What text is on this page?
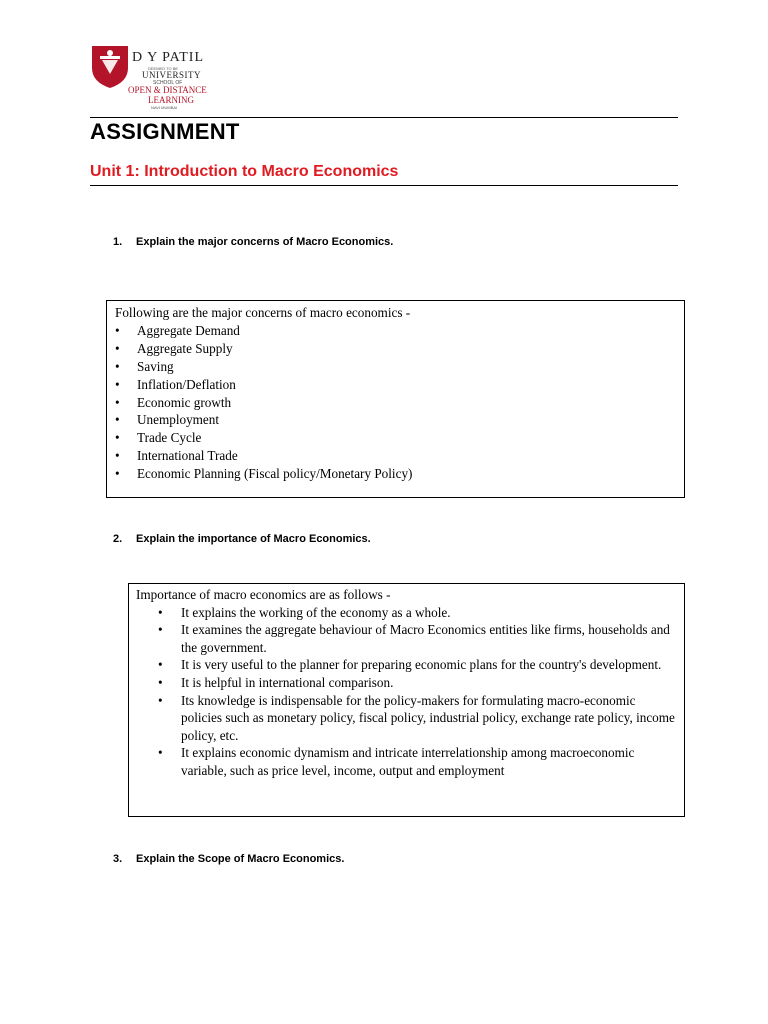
D Y PATIL
DEEMED TO BE
UNIVERSITY
SCHOOL OF
OPEN & DISTANCE
LEARNING
NAVI MUMBAI
ASSIGNMENT
Unit 1: Introduction to Macro Economics
1. Explain the major concerns of Macro Economics.

Following are the major concerns of macro economics -

• Aggregate Demand
• Aggregate Supply
• Saving
• Inflation/Deflation
• Economic growth
• Unemployment
• Trade Cycle
• International Trade
• Economic Planning (Fiscal policy/Monetary Policy)
2. Explain the importance of Macro Economics.

Importance of macro economics are as follows -

• It explains the working of the economy as a whole.
• It examines the aggregate behaviour of Macro Economics entities like firms, households and the government.
• It is very useful to the planner for preparing economic plans for the country's development.
• It is helpful in international comparison.
• Its knowledge is indispensable for the policy-makers for formulating macro-economic policies such as monetary policy, fiscal policy, industrial policy, exchange rate policy, income policy, etc.
• It explains economic dynamism and intricate interrelationship among macroeconomic variable, such as price level, income, output and employment
3. Explain the Scope of Macro Economics.
